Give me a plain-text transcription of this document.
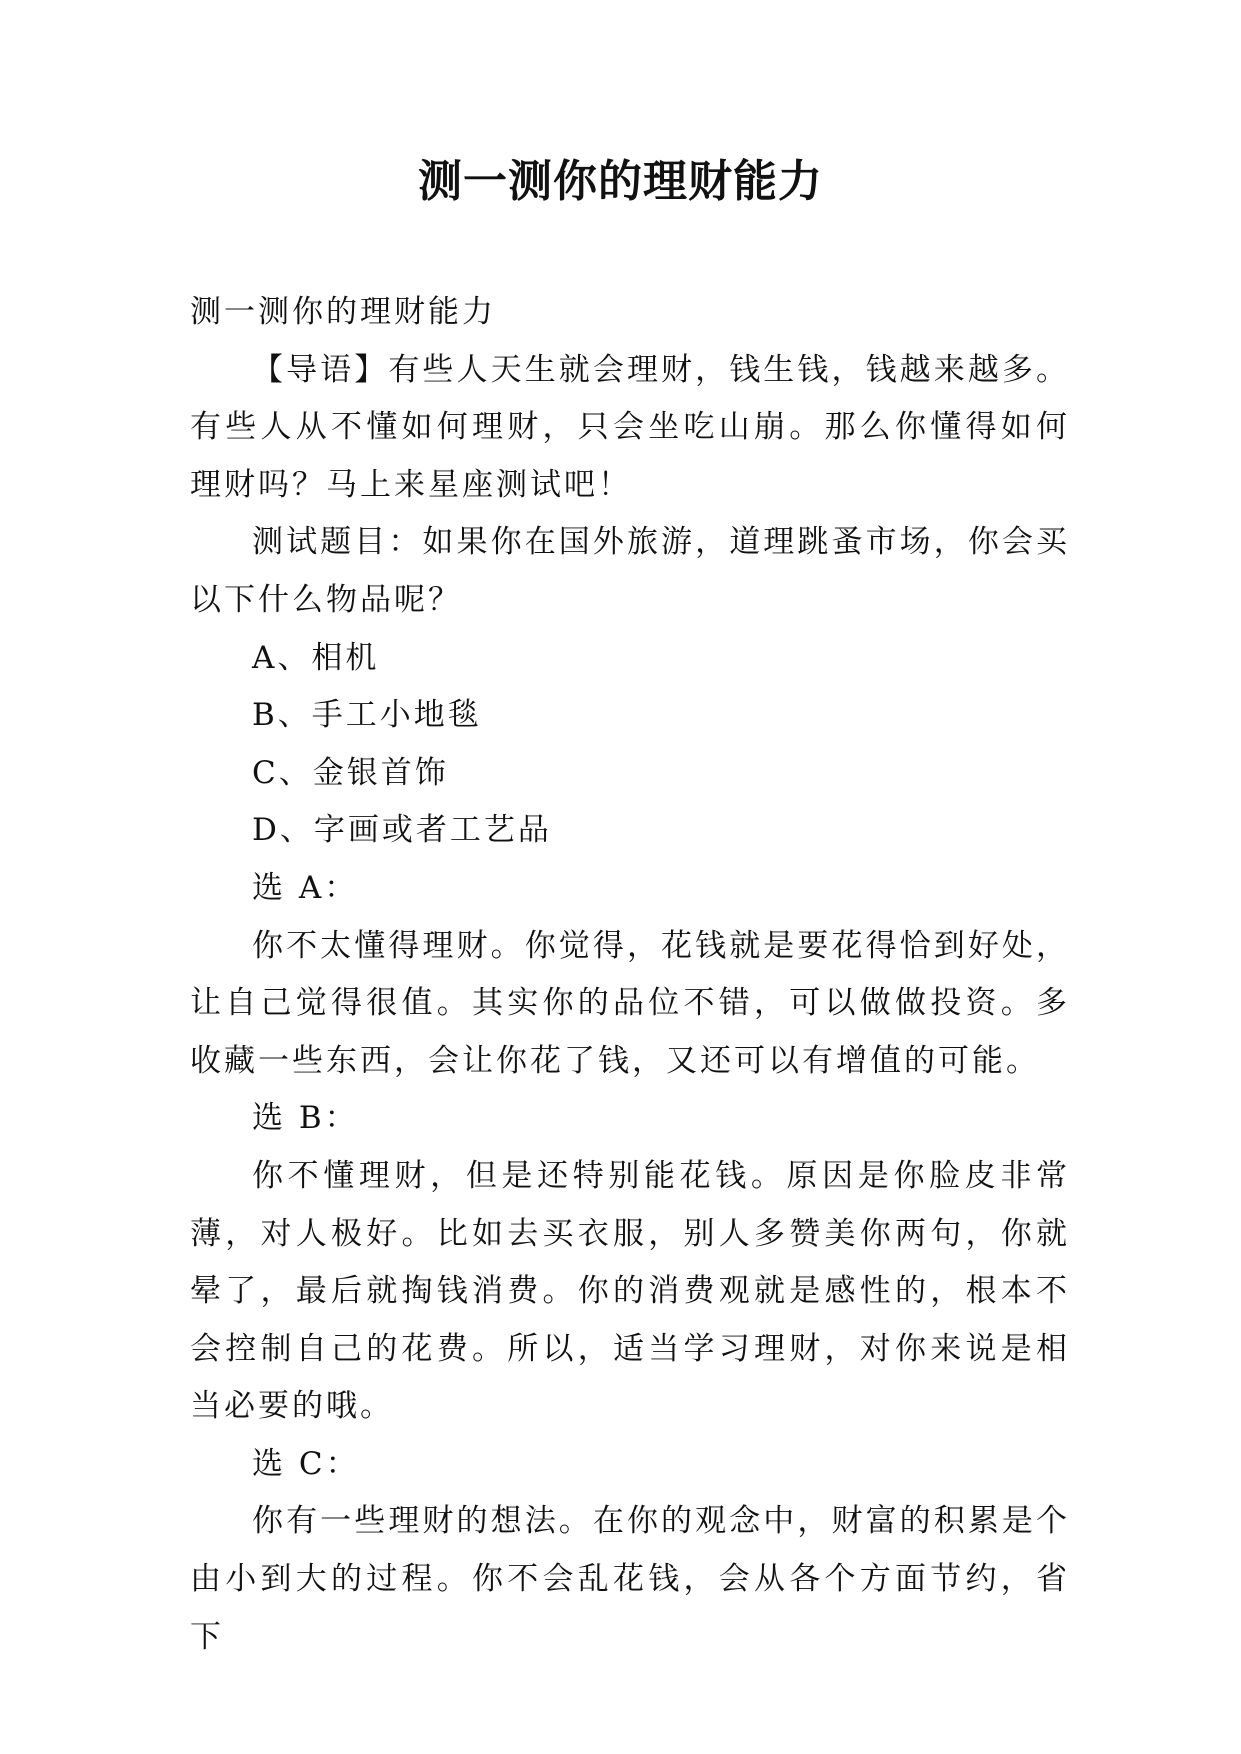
测一测你的理财能力

测一测你的理财能力

【导语】有些人天生就会理财，钱生钱，钱越来越多。有些人从不懂如何理财，只会坐吃山崩。那么你懂得如何理财吗？马上来星座测试吧！

测试题目：如果你在国外旅游，道理跳蚤市场，你会买以下什么物品呢？

A、相机

B、手工小地毯

C、金银首饰

D、字画或者工艺品

选 A：

你不太懂得理财。你觉得，花钱就是要花得恰到好处，让自己觉得很值。其实你的品位不错，可以做做投资。多收藏一些东西，会让你花了钱，又还可以有增值的可能。

选 B：

你不懂理财，但是还特别能花钱。原因是你脸皮非常薄，对人极好。比如去买衣服，别人多赞美你两句，你就晕了，最后就掏钱消费。你的消费观就是感性的，根本不会控制自己的花费。所以，适当学习理财，对你来说是相当必要的哦。

选 C：

你有一些理财的想法。在你的观念中，财富的积累是个由小到大的过程。你不会乱花钱，会从各个方面节约，省下
